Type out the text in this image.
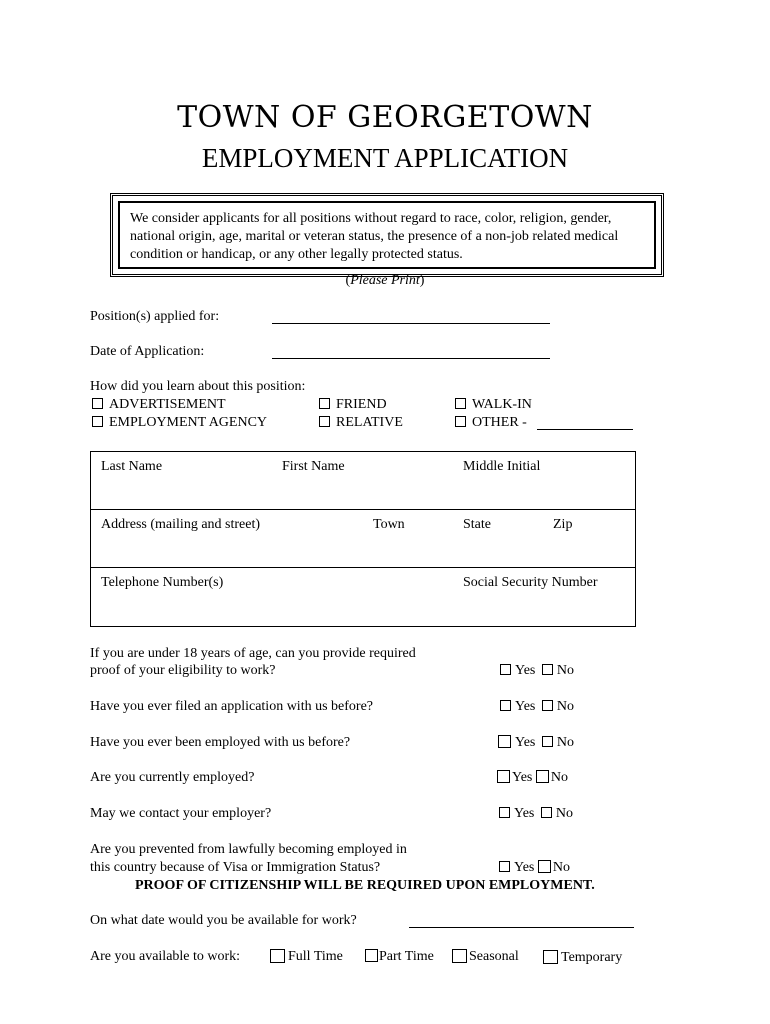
TOWN OF GEORGETOWN
EMPLOYMENT APPLICATION
We consider applicants for all positions without regard to race, color, religion, gender, national origin, age, marital or veteran status, the presence of a non-job related medical condition or handicap, or any other legally protected status.
(Please Print)
Position(s) applied for:
Date of Application:
How did you learn about this position:
ADVERTISEMENT	FRIEND	WALK-IN
EMPLOYMENT AGENCY	RELATIVE	OTHER -
Last Name	First Name	Middle Initial
Address (mailing and street)	Town	State	Zip
Telephone Number(s)	Social Security Number
If you are under 18 years of age, can you provide required
proof of your eligibility to work?	Yes No
Have you ever filed an application with us before?	Yes No
Have you ever been employed with us before?	Yes No
Are you currently employed?	Yes No
May we contact your employer?	Yes No
Are you prevented from lawfully becoming employed in
this country because of Visa or Immigration Status?	Yes No
PROOF OF CITIZENSHIP WILL BE REQUIRED UPON EMPLOYMENT.
On what date would you be available for work?
Are you available to work:	Full Time	Part Time	Seasonal	Temporary
